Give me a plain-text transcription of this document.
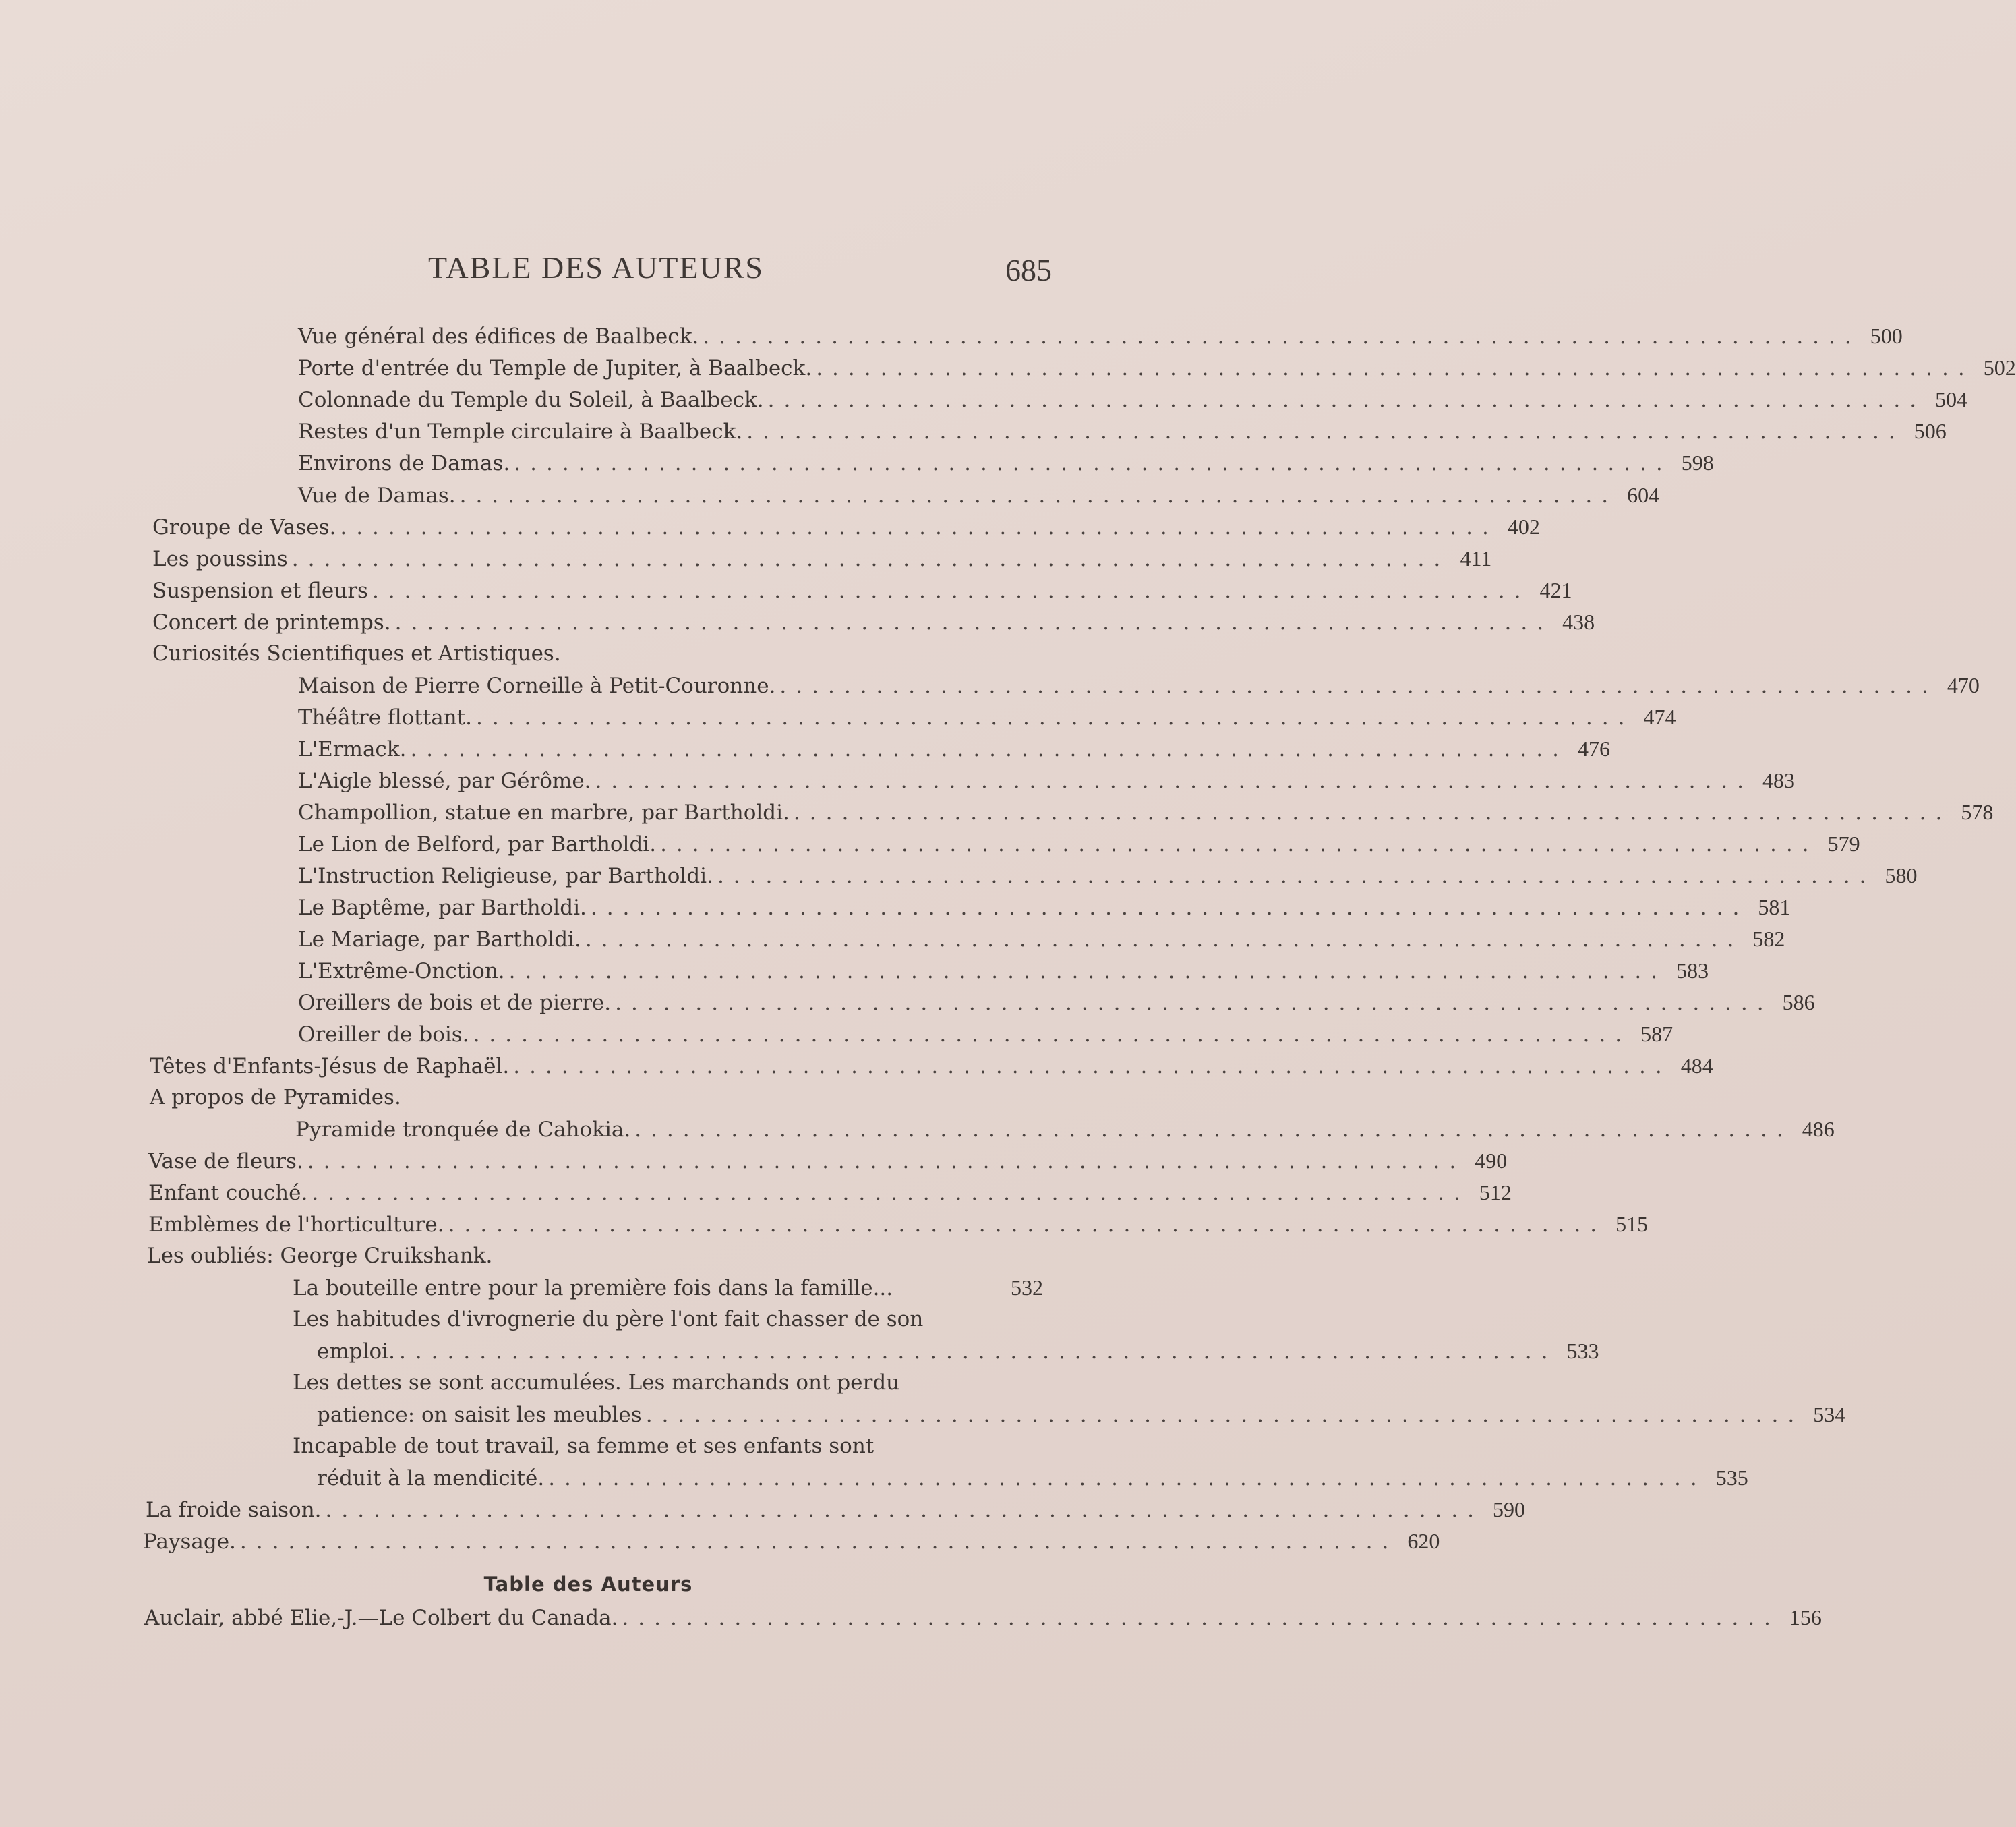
TABLE DES AUTEURS	685
Vue général des édifices de Baalbeck. ........................................................................ 500
Porte d'entrée du Temple de Jupiter, à Baalbeck. ........................................................................ 502
Colonnade du Temple du Soleil, à Baalbeck. ........................................................................ 504
Restes d'un Temple circulaire à Baalbeck. ........................................................................ 506
Environs de Damas. ........................................................................ 598
Vue de Damas. ........................................................................ 604
Groupe de Vases. ........................................................................ 402
Les poussins ........................................................................ 411
Suspension et fleurs ........................................................................ 421
Concert de printemps. ........................................................................ 438
Curiosités Scientifiques et Artistiques.
Maison de Pierre Corneille à Petit-Couronne. ........................................................................ 470
Théâtre flottant. ........................................................................ 474
L'Ermack. ........................................................................ 476
L'Aigle blessé, par Gérôme. ........................................................................ 483
Champollion, statue en marbre, par Bartholdi. ........................................................................ 578
Le Lion de Belford, par Bartholdi. ........................................................................ 579
L'Instruction Religieuse, par Bartholdi. ........................................................................ 580
Le Baptême, par Bartholdi. ........................................................................ 581
Le Mariage, par Bartholdi. ........................................................................ 582
L'Extrême-Onction. ........................................................................ 583
Oreillers de bois et de pierre. ........................................................................ 586
Oreiller de bois. ........................................................................ 587
Têtes d'Enfants-Jésus de Raphaël. ........................................................................ 484
A propos de Pyramides.
Pyramide tronquée de Cahokia. ........................................................................ 486
Vase de fleurs. ........................................................................ 490
Enfant couché. ........................................................................ 512
Emblèmes de l'horticulture. ........................................................................ 515
Les oubliés: George Cruikshank.
La bouteille entre pour la première fois dans la famille...	532
Les habitudes d'ivrognerie du père l'ont fait chasser de son
emploi. ........................................................................ 533
Les dettes se sont accumulées. Les marchands ont perdu
patience: on saisit les meubles ........................................................................ 534
Incapable de tout travail, sa femme et ses enfants sont
réduit à la mendicité. ........................................................................ 535
La froide saison. ........................................................................ 590
Paysage. ........................................................................ 620
Table des Auteurs
Auclair, abbé Elie,-J.—Le Colbert du Canada. ........................................................................ 156
